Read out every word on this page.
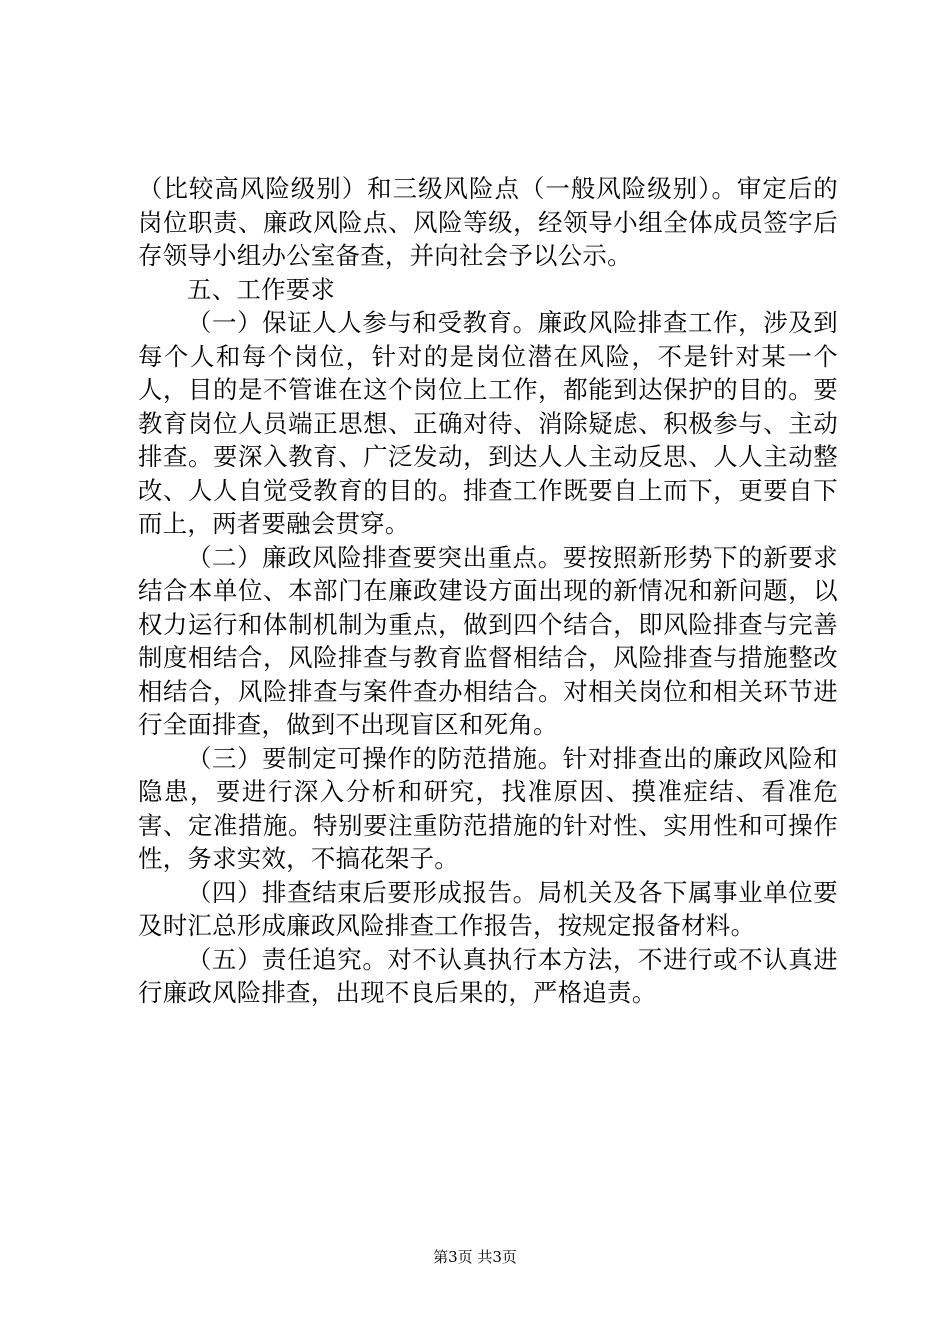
（比较高风险级别）和三级风险点（一般风险级别）。审定后的岗位职责、廉政风险点、风险等级，经领导小组全体成员签字后存领导小组办公室备查，并向社会予以公示。

五、工作要求

（一）保证人人参与和受教育。廉政风险排查工作，涉及到每个人和每个岗位，针对的是岗位潜在风险，不是针对某一个人，目的是不管谁在这个岗位上工作，都能到达保护的目的。要教育岗位人员端正思想、正确对待、消除疑虑、积极参与、主动排查。要深入教育、广泛发动，到达人人主动反思、人人主动整改、人人自觉受教育的目的。排查工作既要自上而下，更要自下而上，两者要融会贯穿。

（二）廉政风险排查要突出重点。要按照新形势下的新要求结合本单位、本部门在廉政建设方面出现的新情况和新问题，以权力运行和体制机制为重点，做到四个结合，即风险排查与完善制度相结合，风险排查与教育监督相结合，风险排查与措施整改相结合，风险排查与案件查办相结合。对相关岗位和相关环节进行全面排查，做到不出现盲区和死角。

（三）要制定可操作的防范措施。针对排查出的廉政风险和隐患，要进行深入分析和研究，找准原因、摸准症结、看准危害、定准措施。特别要注重防范措施的针对性、实用性和可操作性，务求实效，不搞花架子。

（四）排查结束后要形成报告。局机关及各下属事业单位要及时汇总形成廉政风险排查工作报告，按规定报备材料。

（五）责任追究。对不认真执行本方法，不进行或不认真进行廉政风险排查，出现不良后果的，严格追责。

第3页 共3页
